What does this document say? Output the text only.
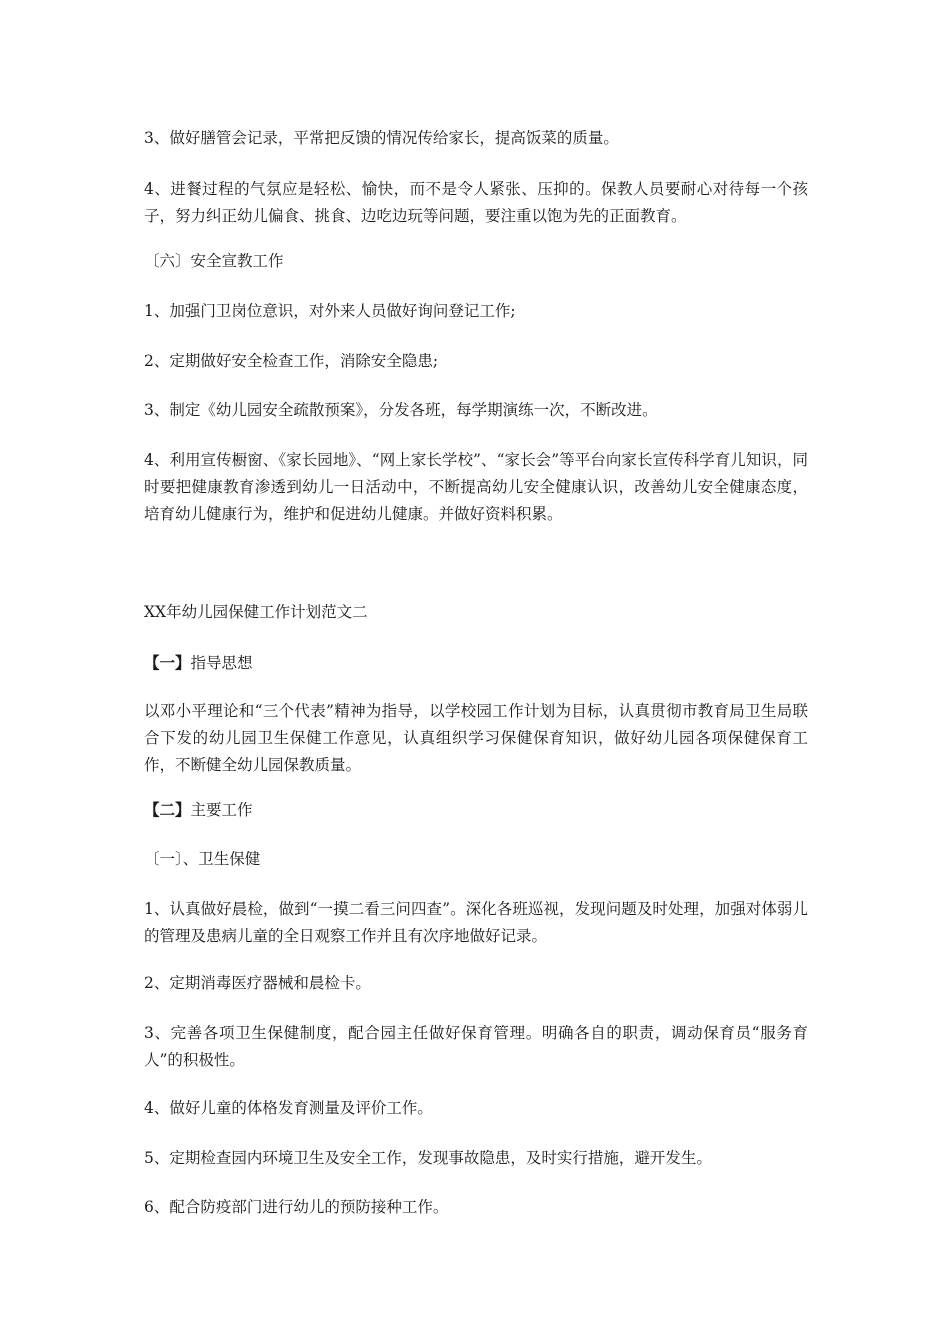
3、做好膳管会记录，平常把反馈的情况传给家长，提高饭菜的质量。

4、进餐过程的气氛应是轻松、愉快，而不是令人紧张、压抑的。保教人员要耐心对待每一个孩子，努力纠正幼儿偏食、挑食、边吃边玩等问题，要注重以饱为先的正面教育。

〔六〕安全宣教工作

1、加强门卫岗位意识，对外来人员做好询问登记工作;

2、定期做好安全检查工作，消除安全隐患;

3、制定《幼儿园安全疏散预案》，分发各班，每学期演练一次，不断改进。

4、利用宣传橱窗、《家长园地》、“网上家长学校”、“家长会”等平台向家长宣传科学育儿知识，同时要把健康教育渗透到幼儿一日活动中，不断提高幼儿安全健康认识，改善幼儿安全健康态度，培育幼儿健康行为，维护和促进幼儿健康。并做好资料积累。

XX年幼儿园保健工作计划范文二

【一】指导思想

以邓小平理论和“三个代表”精神为指导，以学校园工作计划为目标，认真贯彻市教育局卫生局联合下发的幼儿园卫生保健工作意见，认真组织学习保健保育知识，做好幼儿园各项保健保育工作，不断健全幼儿园保教质量。

【二】主要工作

〔一〕、卫生保健

1、认真做好晨检，做到“一摸二看三问四查”。深化各班巡视，发现问题及时处理，加强对体弱儿的管理及患病儿童的全日观察工作并且有次序地做好记录。

2、定期消毒医疗器械和晨检卡。

3、完善各项卫生保健制度，配合园主任做好保育管理。明确各自的职责，调动保育员“服务育人”的积极性。

4、做好儿童的体格发育测量及评价工作。

5、定期检查园内环境卫生及安全工作，发现事故隐患，及时实行措施，避开发生。

6、配合防疫部门进行幼儿的预防接种工作。
